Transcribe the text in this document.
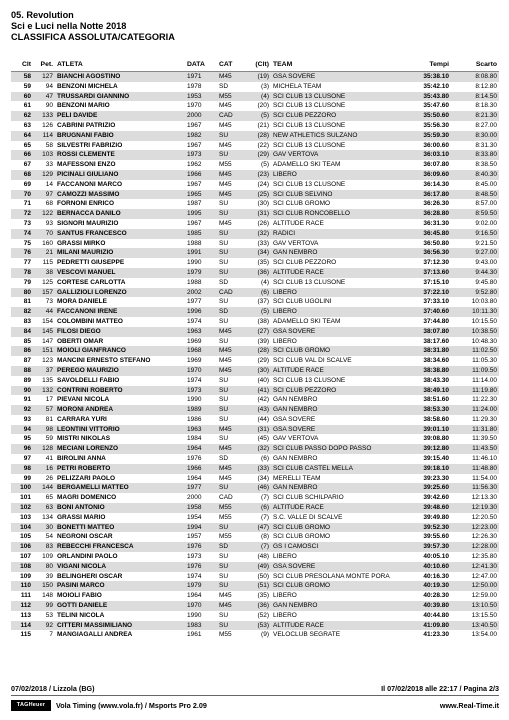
05. Revolution
Sci e Luci nella Notte 2018
CLASSIFICA ASSOLUTA/CATEGORIA
Clt	Pet.	ATLETA	DATA	CAT	(Clt)	TEAM	Tempi	Scarto
58	127	BIANCHI AGOSTINO	1971	M45	(19)	GSA SOVERE	35:38.10	8:08.80
59	94	BENZONI MICHELA	1978	SD	(3)	MICHELA TEAM	35:42.10	8:12.80
60	47	TRUSSARDI GIANNINO	1953	M55	(4)	SCI CLUB 13 CLUSONE	35:43.80	8:14.50
61	90	BENZONI MARIO	1970	M45	(20)	SCI CLUB 13 CLUSONE	35:47.60	8:18.30
62	133	PELI DAVIDE	2000	CAD	(5)	SCI CLUB PEZZORO	35:50.60	8:21.30
63	126	CABRINI PATRIZIO	1967	M45	(21)	SCI CLUB 13 CLUSONE	35:56.30	8:27.00
64	114	BRUGNANI FABIO	1982	SU	(28)	NEW ATHLETICS SULZANO	35:59.30	8:30.00
65	58	SILVESTRI FABRIZIO	1967	M45	(22)	SCI CLUB 13 CLUSONE	36:00.60	8:31.30
66	103	ROSSI CLEMENTE	1973	SU	(29)	GAV VERTOVA	36:03.10	8:33.80
67	33	MAFESSONI ENZO	1962	M55	(5)	ADAMELLO SKI TEAM	36:07.80	8:38.50
68	129	PICINALI GIULIANO	1966	M45	(23)	LIBERO	36:09.60	8:40.30
69	14	FACCANONI MARCO	1967	M45	(24)	SCI CLUB 13 CLUSONE	36:14.30	8:45.00
70	97	CAMOZZI MASSIMO	1965	M45	(25)	SCI CLUB SELVINO	36:17.80	8:48.50
71	68	FORNONI ENRICO	1987	SU	(30)	SCI CLUB GROMO	36:26.30	8:57.00
72	122	BERNACCA DANILO	1995	SU	(31)	SCI CLUB RONCOBELLO	36:28.80	8:59.50
73	93	SIGNORI MAURIZIO	1967	M45	(26)	ALTITUDE RACE	36:31.30	9:02.00
74	70	SANTUS FRANCESCO	1985	SU	(32)	RADICI	36:45.80	9:16.50
75	160	GRASSI MIRKO	1988	SU	(33)	GAV VERTOVA	36:50.80	9:21.50
76	21	MILANI MAURIZIO	1991	SU	(34)	GAN NEMBRO	36:56.30	9:27.00
77	115	PEDRETTI GIUSEPPE	1990	SU	(35)	SCI CLUB PEZZORO	37:12.30	9:43.00
78	38	VESCOVI MANUEL	1979	SU	(36)	ALTITUDE RACE	37:13.60	9:44.30
79	125	CORTESE CARLOTTA	1988	SD	(4)	SCI CLUB 13 CLUSONE	37:15.10	9:45.80
80	157	GALLIZIOLI LORENZO	2002	CAD	(6)	LIBERO	37:22.10	9:52.80
81	73	MORA DANIELE	1977	SU	(37)	SCI CLUB UGOLINI	37:33.10	10:03.80
82	44	FACCANONI IRENE	1996	SD	(5)	LIBERO	37:40.60	10:11.30
83	154	COLOMBINI MATTEO	1974	SU	(38)	ADAMELLO SKI TEAM	37:44.80	10:15.50
84	145	FILOSI DIEGO	1963	M45	(27)	GSA SOVERE	38:07.80	10:38.50
85	147	OBERTI OMAR	1969	SU	(39)	LIBERO	38:17.60	10:48.30
86	151	MOIOLI GIANFRANCO	1968	M45	(28)	SCI CLUB GROMO	38:31.80	11:02.50
87	123	MANCINI ERNESTO STEFANO	1969	M45	(29)	SCI CLUB VAL DI SCALVE	38:34.60	11:05.30
88	37	PEREGO MAURIZIO	1970	M45	(30)	ALTITUDE RACE	38:38.80	11:09.50
89	135	SAVOLDELLI FABIO	1974	SU	(40)	SCI CLUB 13 CLUSONE	38:43.30	11:14.00
90	132	CONTRINI ROBERTO	1973	SU	(41)	SCI CLUB PEZZORO	38:49.10	11:19.80
91	17	PIEVANI NICOLA	1990	SU	(42)	GAN NEMBRO	38:51.60	11:22.30
92	57	MORONI ANDREA	1989	SU	(43)	GAN NEMBRO	38:53.30	11:24.00
93	81	CARRARA YURI	1986	SU	(44)	GSA SOVERE	38:58.60	11:29.30
94	98	LEONTINI VITTORIO	1963	M45	(31)	GSA SOVERE	39:01.10	11:31.80
95	59	MISTRI NIKOLAS	1984	SU	(45)	GAV VERTOVA	39:08.80	11:39.50
96	128	MECIANI LORENZO	1964	M45	(32)	SCI CLUB PASSO DOPO PASSO	39:12.80	11:43.50
97	41	BIROLINI ANNA	1976	SD	(6)	GAN NEMBRO	39:15.40	11:46.10
98	16	PETRI ROBERTO	1966	M45	(33)	SCI CLUB CASTEL MELLA	39:18.10	11:48.80
99	26	PELIZZARI PAOLO	1964	M45	(34)	MERELLI TEAM	39:23.30	11:54.00
100	144	BERGAMELLI MATTEO	1977	SU	(46)	GAN NEMBRO	39:25.60	11:56.30
101	65	MAGRI DOMENICO	2000	CAD	(7)	SCI CLUB SCHILPARIO	39:42.60	12:13.30
102	63	BONI ANTONIO	1958	M55	(6)	ALTITUDE RACE	39:48.60	12:19.30
103	134	GRASSI MARIO	1954	M55	(7)	S.C. VALLE DI SCALVE	39:49.80	12:20.50
104	30	BONETTI MATTEO	1994	SU	(47)	SCI CLUB GROMO	39:52.30	12:23.00
105	54	NEGRONI OSCAR	1957	M55	(8)	SCI CLUB GROMO	39:55.60	12:26.30
106	83	REBECCHI FRANCESCA	1976	SD	(7)	GS I CAMOSCI	39:57.30	12:28.00
107	109	ORLANDINI PAOLO	1973	SU	(48)	LIBERO	40:05.10	12:35.80
108	80	VIGANI NICOLA	1976	SU	(49)	GSA SOVERE	40:10.60	12:41.30
109	39	BELINGHERI OSCAR	1974	SU	(50)	SCI CLUB PRESOLANA MONTE PORA	40:16.30	12:47.00
110	150	PASINI MARCO	1979	SU	(51)	SCI CLUB GROMO	40:19.30	12:50.00
111	148	MOIOLI FABIO	1964	M45	(35)	LIBERO	40:28.30	12:59.00
112	99	GOTTI DANIELE	1970	M45	(36)	GAN NEMBRO	40:39.80	13:10.50
113	53	TELINI NICOLA	1990	SU	(52)	LIBERO	40:44.80	13:15.50
114	92	CITTERI MASSIMILIANO	1983	SU	(53)	ALTITUDE RACE	41:09.80	13:40.50
115	7	MANGIAGALLI ANDREA	1961	M55	(9)	VELOCLUB SEGRATE	41:23.30	13:54.00
07/02/2018 / Lizzola (BG)	Il 07/02/2018 alle 22:17 / Pagina 2/3
TAGHeuer	Vola Timing (www.vola.fr) / Msports Pro 2.09	www.Real-Time.it
